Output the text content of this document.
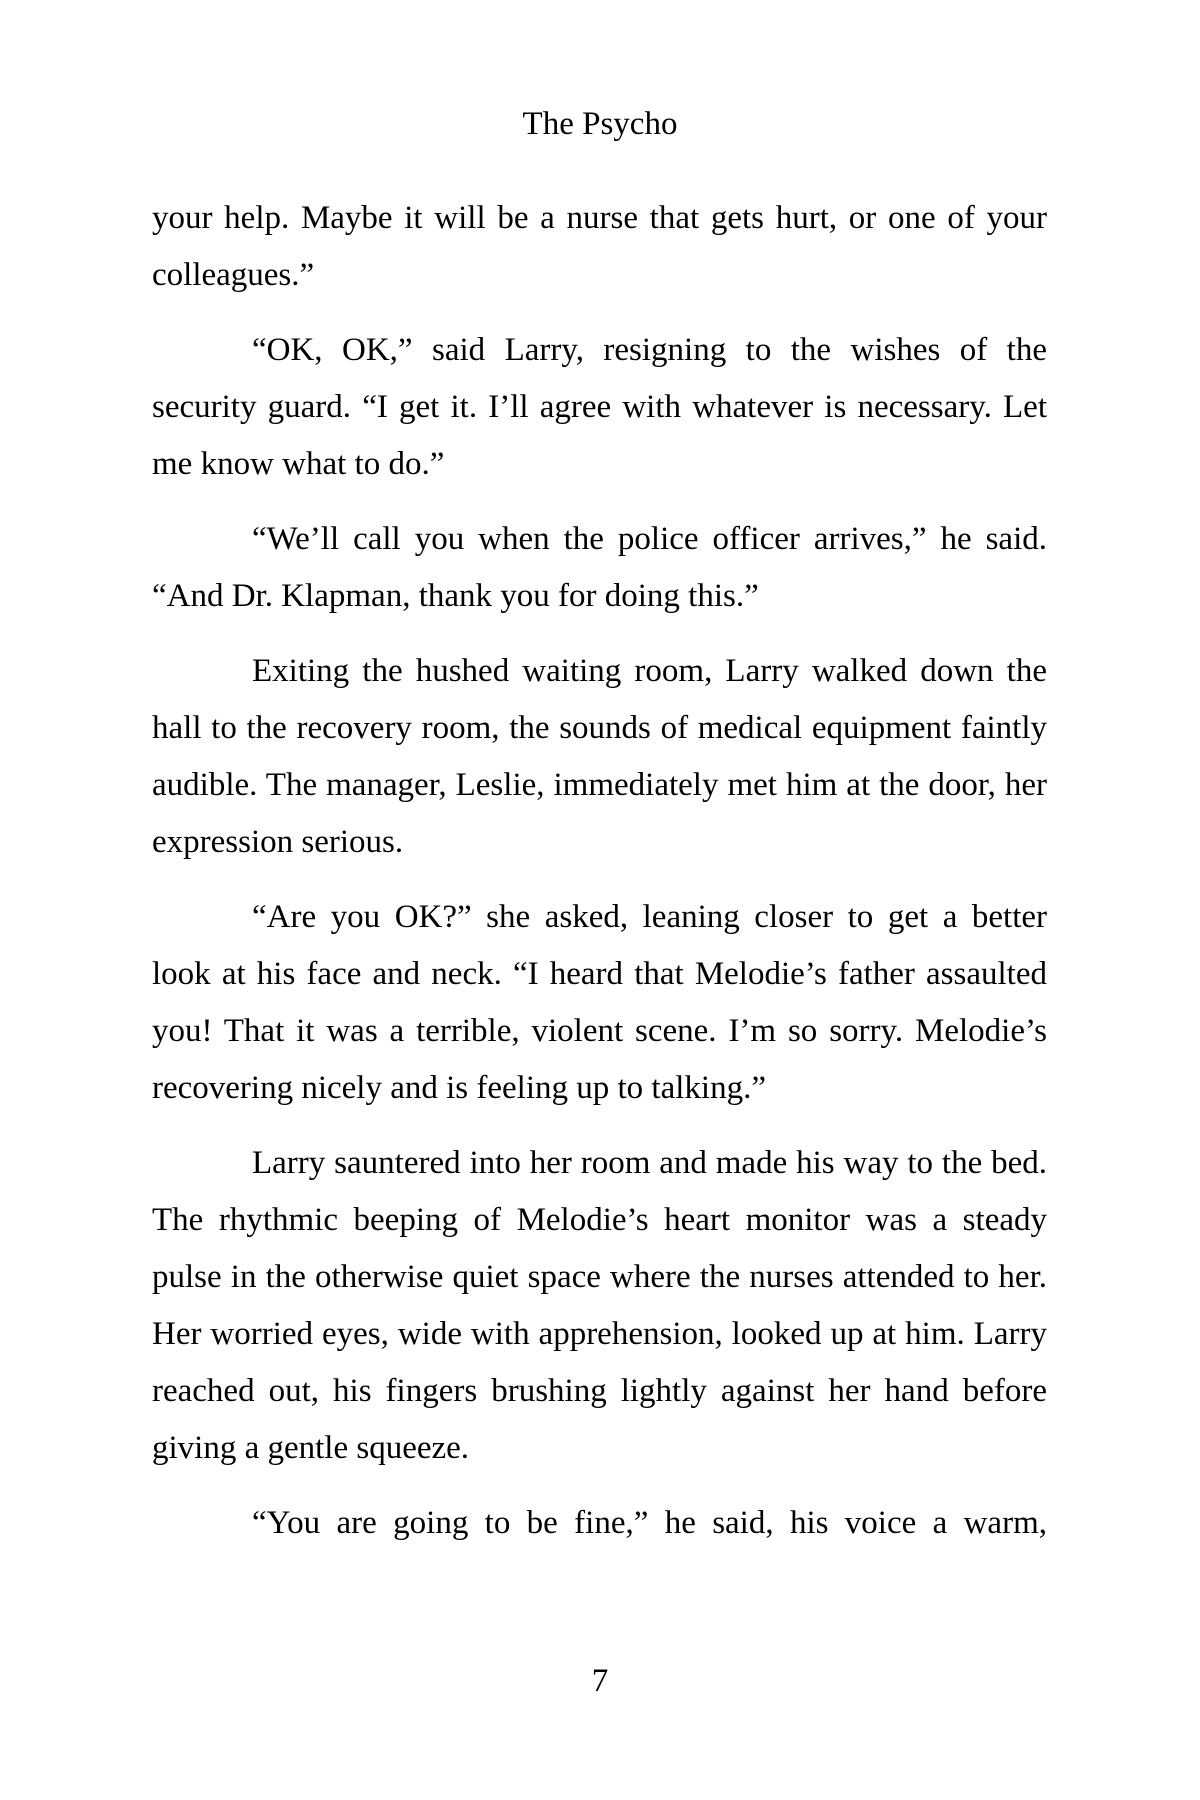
The Psycho

your help. Maybe it will be a nurse that gets hurt, or one of your colleagues.”

“OK, OK,” said Larry, resigning to the wishes of the security guard. “I get it. I’ll agree with whatever is necessary. Let me know what to do.”

“We’ll call you when the police officer arrives,” he said. “And Dr. Klapman, thank you for doing this.”

Exiting the hushed waiting room, Larry walked down the hall to the recovery room, the sounds of medical equipment faintly audible. The manager, Leslie, immediately met him at the door, her expression serious.

“Are you OK?” she asked, leaning closer to get a better look at his face and neck. “I heard that Melodie’s father assaulted you! That it was a terrible, violent scene. I’m so sorry. Melodie’s recovering nicely and is feeling up to talking.”

Larry sauntered into her room and made his way to the bed. The rhythmic beeping of Melodie’s heart monitor was a steady pulse in the otherwise quiet space where the nurses attended to her. Her worried eyes, wide with apprehension, looked up at him. Larry reached out, his fingers brushing lightly against her hand before giving a gentle squeeze.

“You are going to be fine,” he said, his voice a warm,

7
